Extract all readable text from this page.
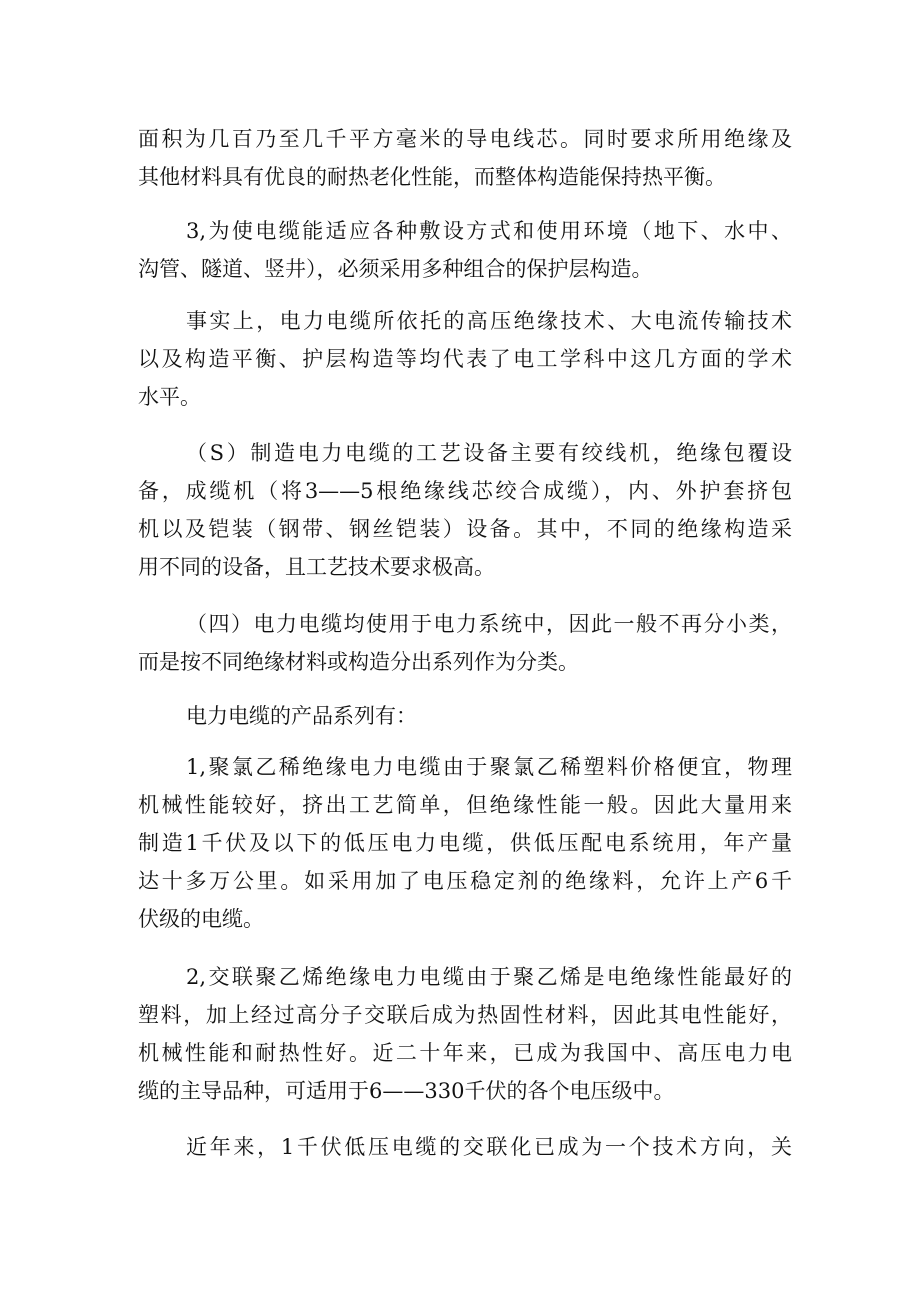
面积为几百乃至几千平方毫米的导电线芯。同时要求所用绝缘及
其他材料具有优良的耐热老化性能，而整体构造能保持热平衡。
3,为使电缆能适应各种敷设方式和使用环境（地下、水中、
沟管、隧道、竖井），必须采用多种组合的保护层构造。
事实上，电力电缆所依托的高压绝缘技术、大电流传输技术
以及构造平衡、护层构造等均代表了电工学科中这几方面的学术
水平。
（S）制造电力电缆的工艺设备主要有绞线机，绝缘包覆设
备，成缆机（将3——5根绝缘线芯绞合成缆），内、外护套挤包
机以及铠装（钢带、钢丝铠装）设备。其中，不同的绝缘构造采
用不同的设备，且工艺技术要求极高。
（四）电力电缆均使用于电力系统中，因此一般不再分小类，
而是按不同绝缘材料或构造分出系列作为分类。
电力电缆的产品系列有：
1,聚氯乙稀绝缘电力电缆由于聚氯乙稀塑料价格便宜，物理
机械性能较好，挤出工艺简单，但绝缘性能一般。因此大量用来
制造1千伏及以下的低压电力电缆，供低压配电系统用，年产量
达十多万公里。如采用加了电压稳定剂的绝缘料，允许上产6千
伏级的电缆。
2,交联聚乙烯绝缘电力电缆由于聚乙烯是电绝缘性能最好的
塑料，加上经过高分子交联后成为热固性材料，因此其电性能好，
机械性能和耐热性好。近二十年来，已成为我国中、高压电力电
缆的主导品种，可适用于6——330千伏的各个电压级中。
近年来，1千伏低压电缆的交联化已成为一个技术方向，关
